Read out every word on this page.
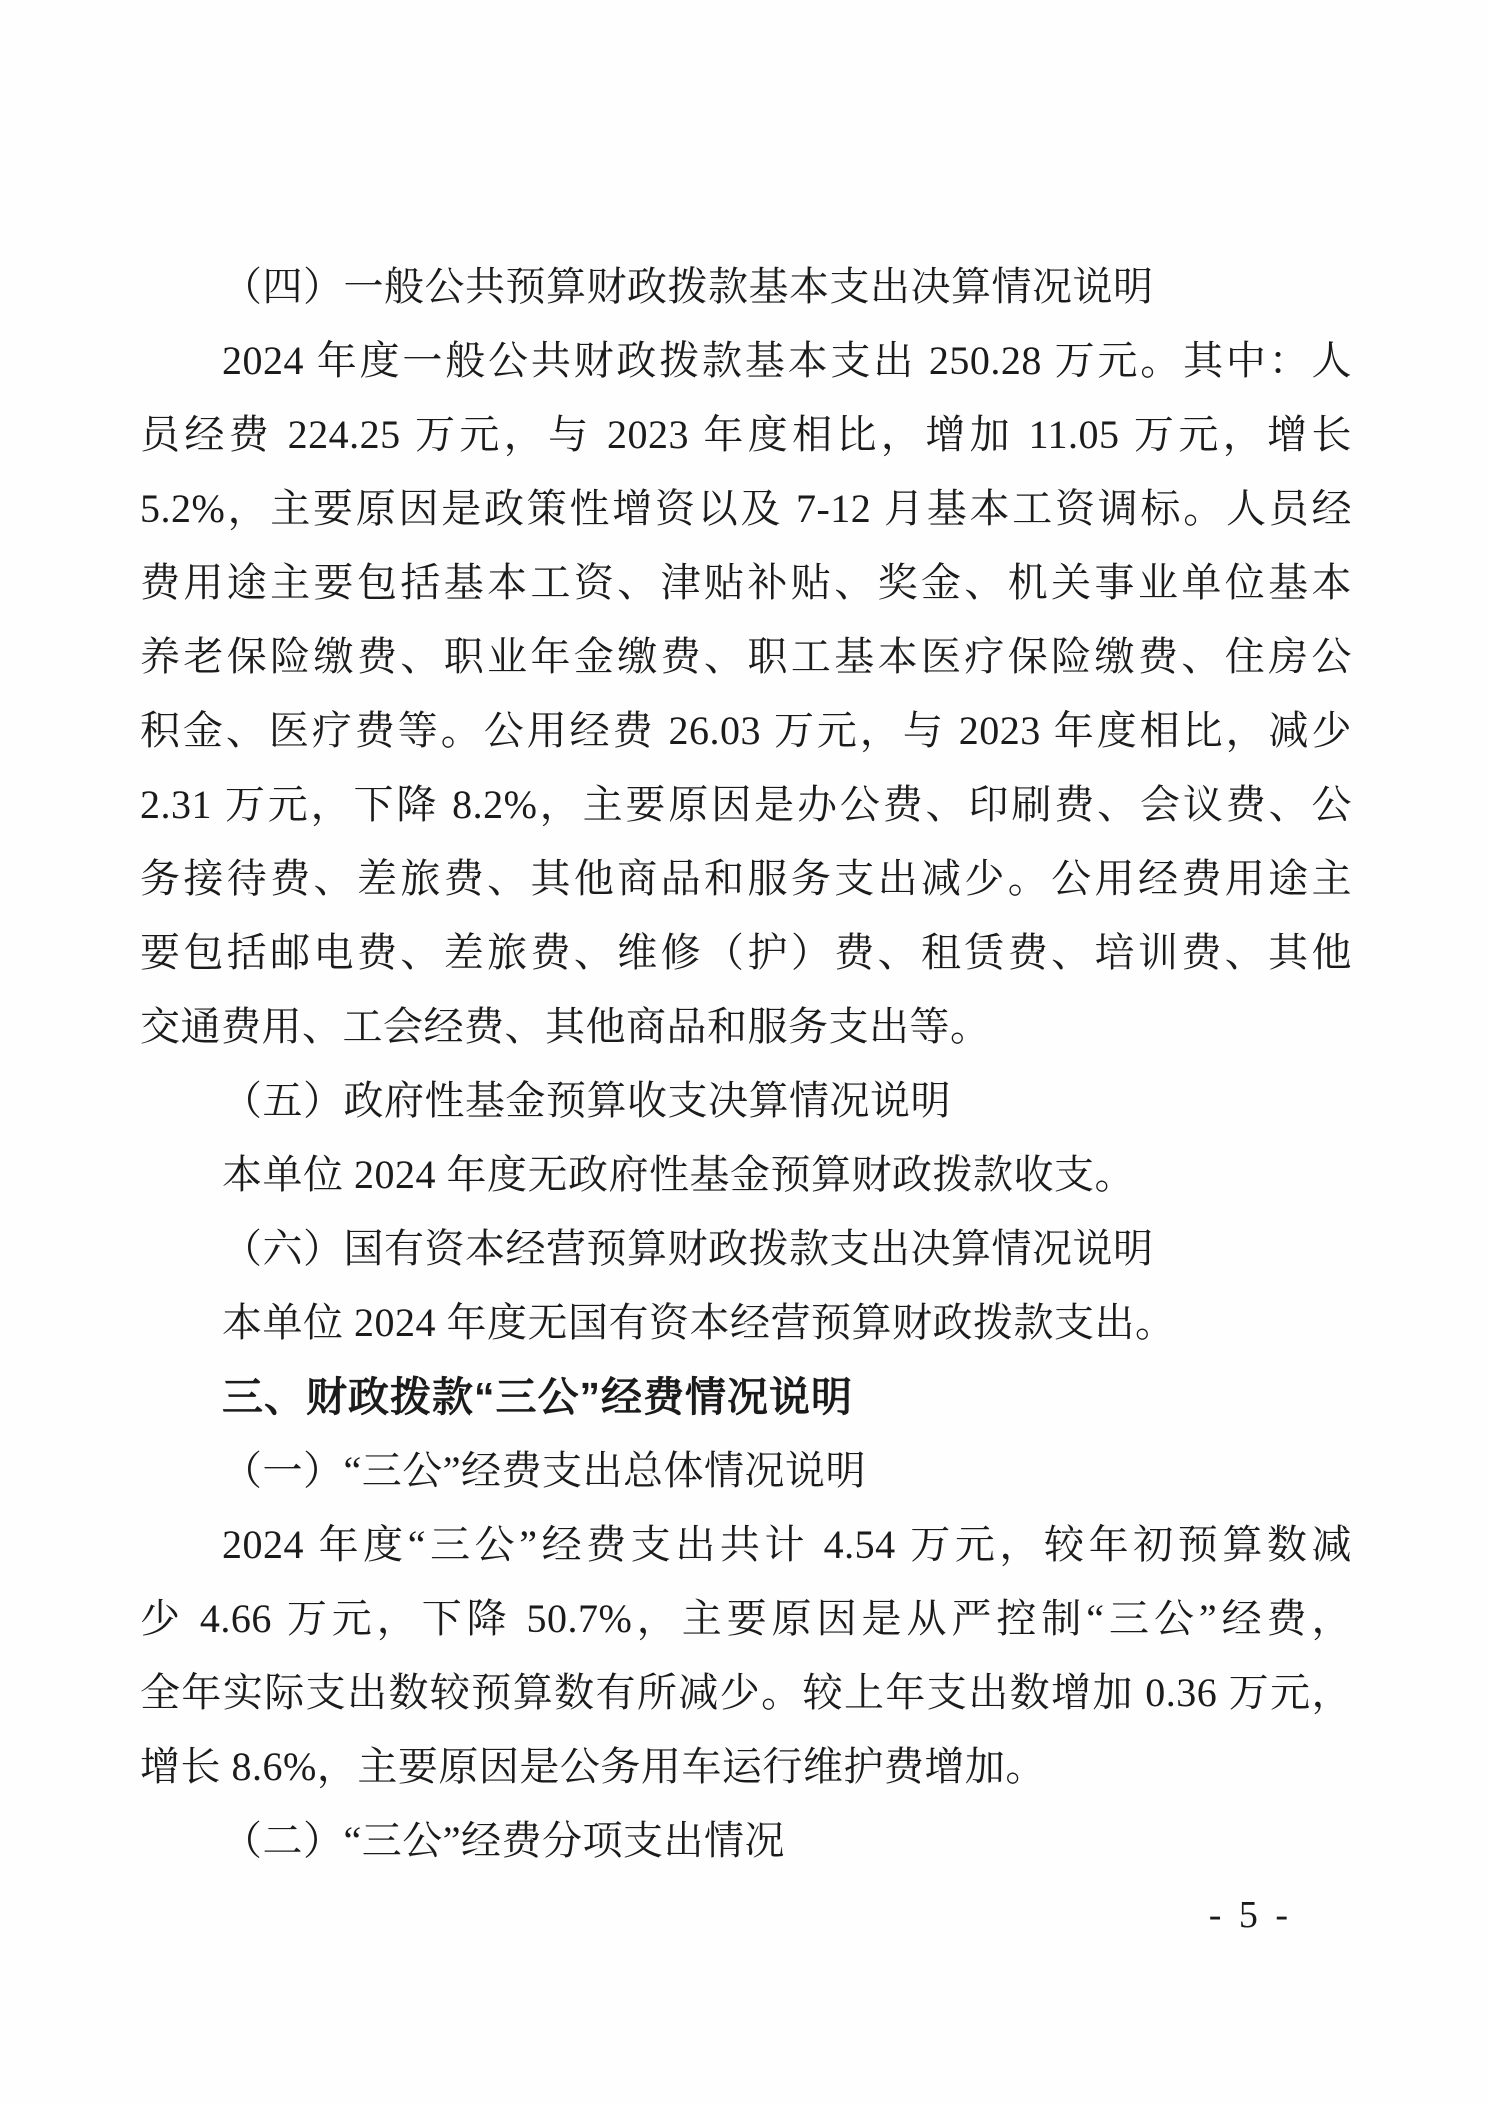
（四）一般公共预算财政拨款基本支出决算情况说明
2024 年度一般公共财政拨款基本支出 250.28 万元。其中：人
员经费 224.25 万元，与 2023 年度相比，增加 11.05 万元，增长
5.2%，主要原因是政策性增资以及 7-12 月基本工资调标。人员经
费用途主要包括基本工资、津贴补贴、奖金、机关事业单位基本
养老保险缴费、职业年金缴费、职工基本医疗保险缴费、住房公
积金、医疗费等。公用经费 26.03 万元，与 2023 年度相比，减少
2.31 万元，下降 8.2%，主要原因是办公费、印刷费、会议费、公
务接待费、差旅费、其他商品和服务支出减少。公用经费用途主
要包括邮电费、差旅费、维修（护）费、租赁费、培训费、其他
交通费用、工会经费、其他商品和服务支出等。
（五）政府性基金预算收支决算情况说明
本单位 2024 年度无政府性基金预算财政拨款收支。
（六）国有资本经营预算财政拨款支出决算情况说明
本单位 2024 年度无国有资本经营预算财政拨款支出。
三、财政拨款“三公”经费情况说明
（一）“三公”经费支出总体情况说明
2024 年度“三公”经费支出共计 4.54 万元，较年初预算数减
少 4.66 万元，下降 50.7%，主要原因是从严控制“三公”经费，
全年实际支出数较预算数有所减少。较上年支出数增加 0.36 万元，
增长 8.6%，主要原因是公务用车运行维护费增加。
（二）“三公”经费分项支出情况
- 5 -
